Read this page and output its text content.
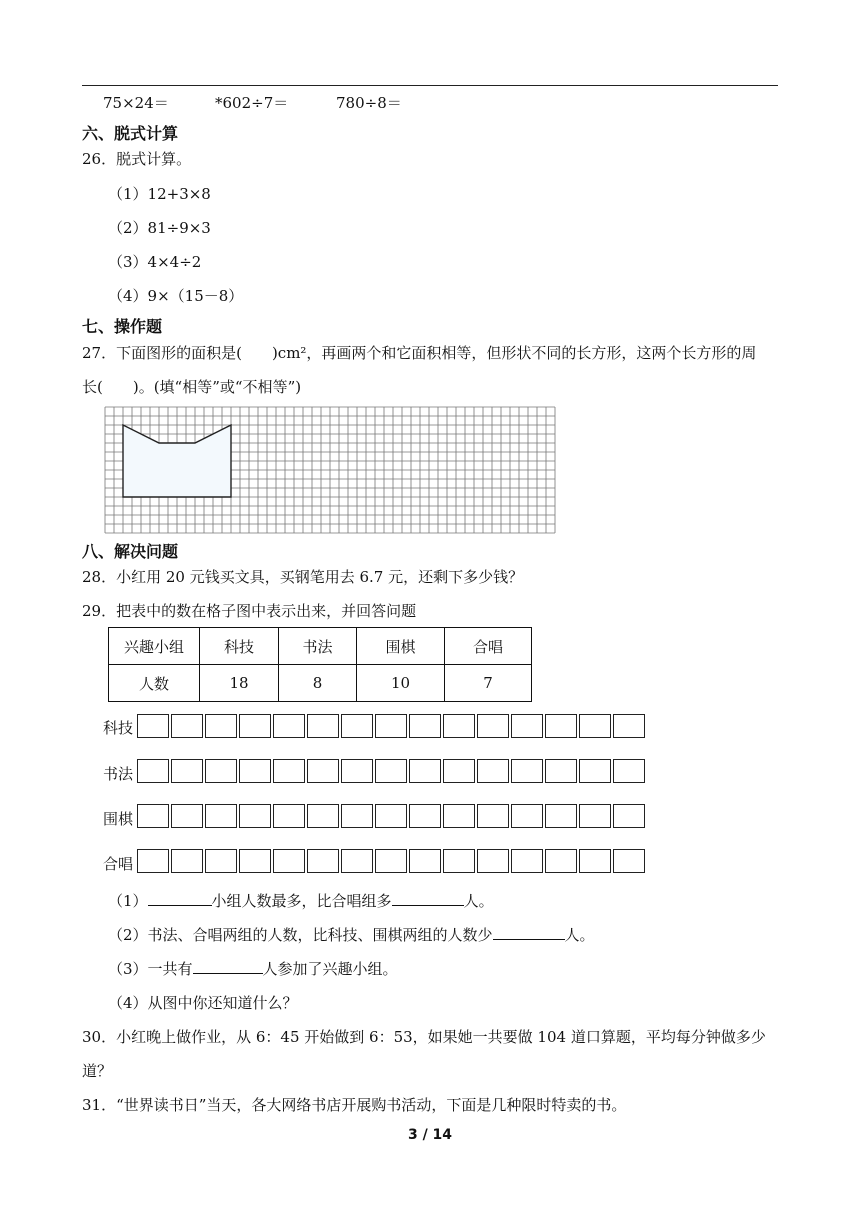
75×24＝	*602÷7＝	780÷8＝
六、脱式计算
26．脱式计算。
（1）12+3×8
（2）81÷9×3
（3）4×4÷2
（4）9×（15－8）
七、操作题
27．下面图形的面积是(　　)cm²，再画两个和它面积相等，但形状不同的长方形，这两个长方形的周
长(　　)。(填“相等”或“不相等”)
八、解决问题
28．小红用 20 元钱买文具，买钢笔用去 6.7 元，还剩下多少钱？
29．把表中的数在格子图中表示出来，并回答问题
兴趣小组	科技	书法	围棋	合唱
人数	18	8	10	7
科技
书法
围棋
合唱
（1）	小组人数最多，比合唱组多	人。
（2）书法、合唱两组的人数，比科技、围棋两组的人数少	人。
（3）一共有	人参加了兴趣小组。
（4）从图中你还知道什么？
30．小红晚上做作业，从 6：45 开始做到 6：53，如果她一共要做 104 道口算题，平均每分钟做多少
道？
31．“世界读书日”当天，各大网络书店开展购书活动，下面是几种限时特卖的书。
3 / 14
